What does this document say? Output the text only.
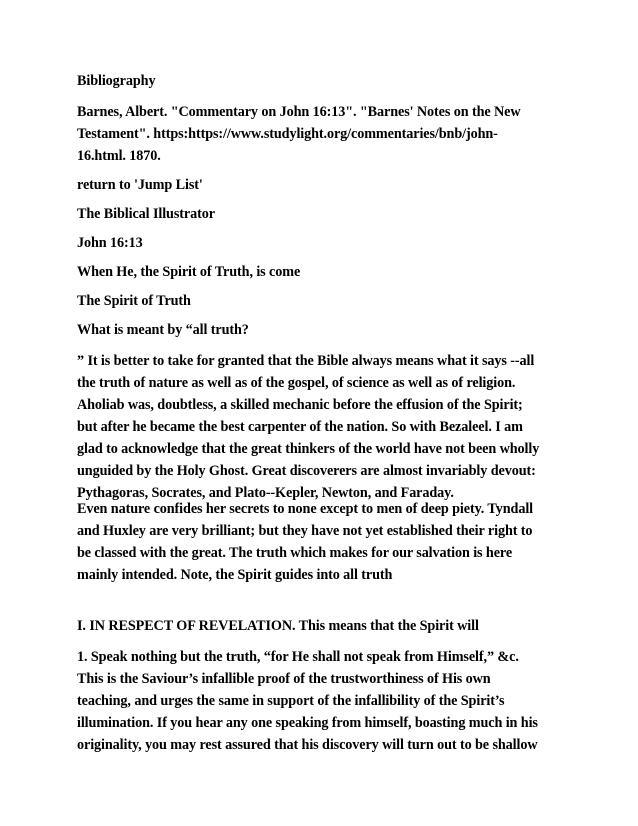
Bibliography

Barnes, Albert. "Commentary on John 16:13". "Barnes' Notes on the New
Testament". https:https://www.studylight.org/commentaries/bnb/john-
16.html. 1870.

return to 'Jump List'

The Biblical Illustrator

John 16:13

When He, the Spirit of Truth, is come

The Spirit of Truth

What is meant by “all truth?

” It is better to take for granted that the Bible always means what it says --all
the truth of nature as well as of the gospel, of science as well as of religion.
Aholiab was, doubtless, a skilled mechanic before the effusion of the Spirit;
but after he became the best carpenter of the nation. So with Bezaleel. I am
glad to acknowledge that the great thinkers of the world have not been wholly
unguided by the Holy Ghost. Great discoverers are almost invariably devout:
Pythagoras, Socrates, and Plato--Kepler, Newton, and Faraday.

Even nature confides her secrets to none except to men of deep piety. Tyndall
and Huxley are very brilliant; but they have not yet established their right to
be classed with the great. The truth which makes for our salvation is here
mainly intended. Note, the Spirit guides into all truth

I. IN RESPECT OF REVELATION. This means that the Spirit will

1. Speak nothing but the truth, “for He shall not speak from Himself,” &c.
This is the Saviour’s infallible proof of the trustworthiness of His own
teaching, and urges the same in support of the infallibility of the Spirit’s
illumination. If you hear any one speaking from himself, boasting much in his
originality, you may rest assured that his discovery will turn out to be shallow
